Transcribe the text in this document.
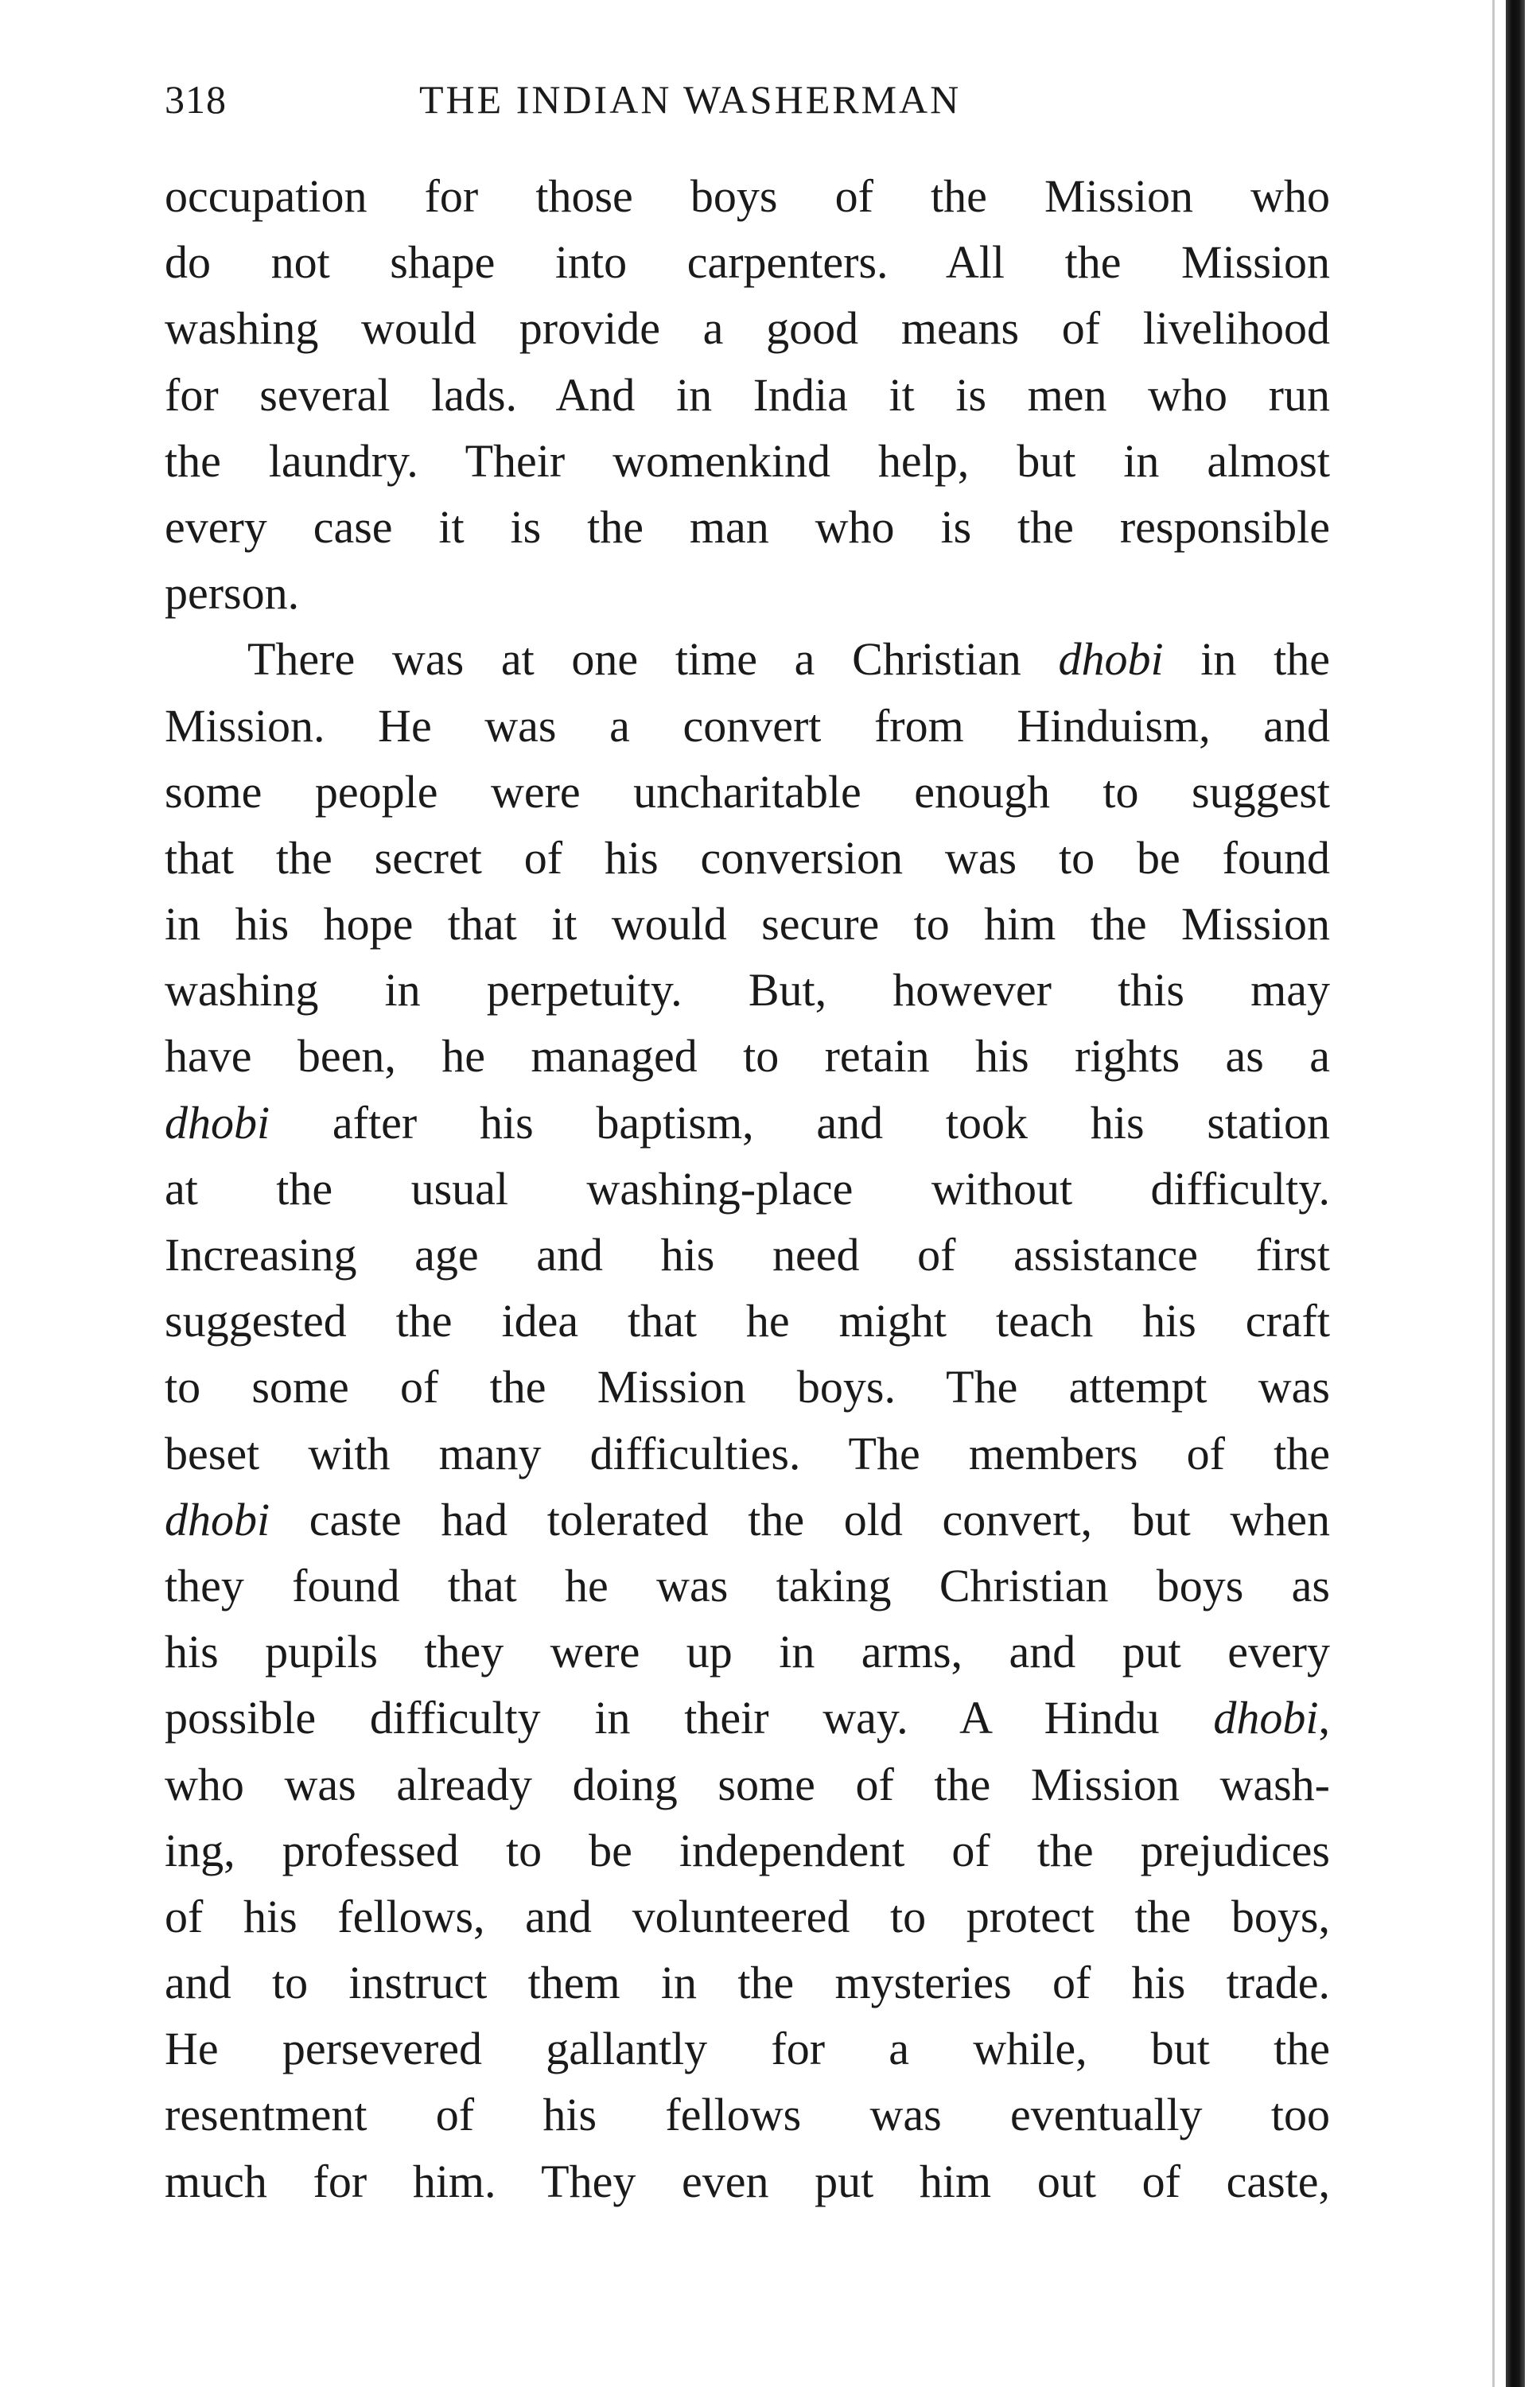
318	THE INDIAN WASHERMAN
occupation for those boys of the Mission who
do not shape into carpenters. All the Mission
washing would provide a good means of livelihood
for several lads. And in India it is men who run
the laundry. Their womenkind help, but in almost
every case it is the man who is the responsible
person.
There was at one time a Christian dhobi in the
Mission. He was a convert from Hinduism, and
some people were uncharitable enough to suggest
that the secret of his conversion was to be found
in his hope that it would secure to him the Mission
washing in perpetuity. But, however this may
have been, he managed to retain his rights as a
dhobi after his baptism, and took his station
at the usual washing-place without difficulty.
Increasing age and his need of assistance first
suggested the idea that he might teach his craft
to some of the Mission boys. The attempt was
beset with many difficulties. The members of the
dhobi caste had tolerated the old convert, but when
they found that he was taking Christian boys as
his pupils they were up in arms, and put every
possible difficulty in their way. A Hindu dhobi,
who was already doing some of the Mission wash-
ing, professed to be independent of the prejudices
of his fellows, and volunteered to protect the boys,
and to instruct them in the mysteries of his trade.
He persevered gallantly for a while, but the
resentment of his fellows was eventually too
much for him. They even put him out of caste,
